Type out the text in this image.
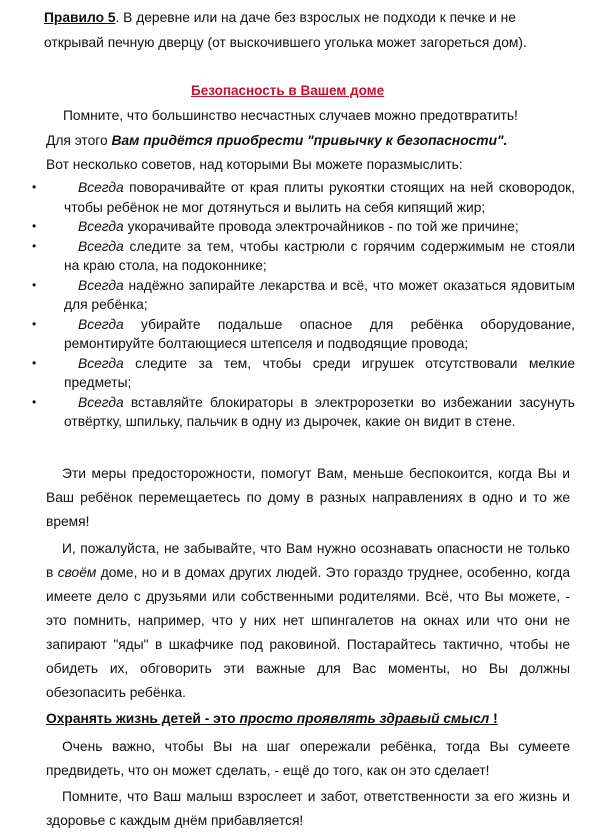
Правило 5. В деревне или на даче без взрослых не подходи к печке и не
открывай печную дверцу (от выскочившего уголька может загореться дом).
Безопасность в Вашем доме
Помните, что большинство несчастных случаев можно предотвратить!
Для этого Вам придётся приобрести "привычку к безопасности".
Вот несколько советов, над которыми Вы можете поразмыслить:
•	Всегда поворачивайте от края плиты рукоятки стоящих на ней сковородок, чтобы ребёнок не мог дотянуться и вылить на себя кипящий жир;
•	Всегда укорачивайте провода электрочайников - по той же причине;
•	Всегда следите за тем, чтобы кастрюли с горячим содержимым не стояли на краю стола, на подоконнике;
•	Всегда надёжно запирайте лекарства и всё, что может оказаться ядовитым для ребёнка;
•	Всегда убирайте подальше опасное для ребёнка оборудование, ремонтируйте болтающиеся штепселя и подводящие провода;
•	Всегда следите за тем, чтобы среди игрушек отсутствовали мелкие предметы;
•	Всегда вставляйте блокираторы в электророзетки во избежании засунуть отвёртку, шпильку, пальчик в одну из дырочек, какие он видит в стене.
Эти меры предосторожности, помогут Вам, меньше беспокоится, когда Вы и Ваш ребёнок перемещаетесь по дому в разных направлениях в одно и то же время!
И, пожалуйста, не забывайте, что Вам нужно осознавать опасности не только в своём доме, но и в домах других людей. Это гораздо труднее, особенно, когда имеете дело с друзьями или собственными родителями. Всё, что Вы можете, - это помнить, например, что у них нет шпингалетов на окнах или что они не запирают "яды" в шкафчике под раковиной. Постарайтесь тактично, чтобы не обидеть их, обговорить эти важные для Вас моменты, но Вы должны обезопасить ребёнка.
Охранять жизнь детей - это просто проявлять здравый смысл !
Очень важно, чтобы Вы на шаг опережали ребёнка, тогда Вы сумеете предвидеть, что он может сделать, - ещё до того, как он это сделает!
Помните, что Ваш малыш взрослеет и забот, ответственности за его жизнь и здоровье с каждым днём прибавляется!
